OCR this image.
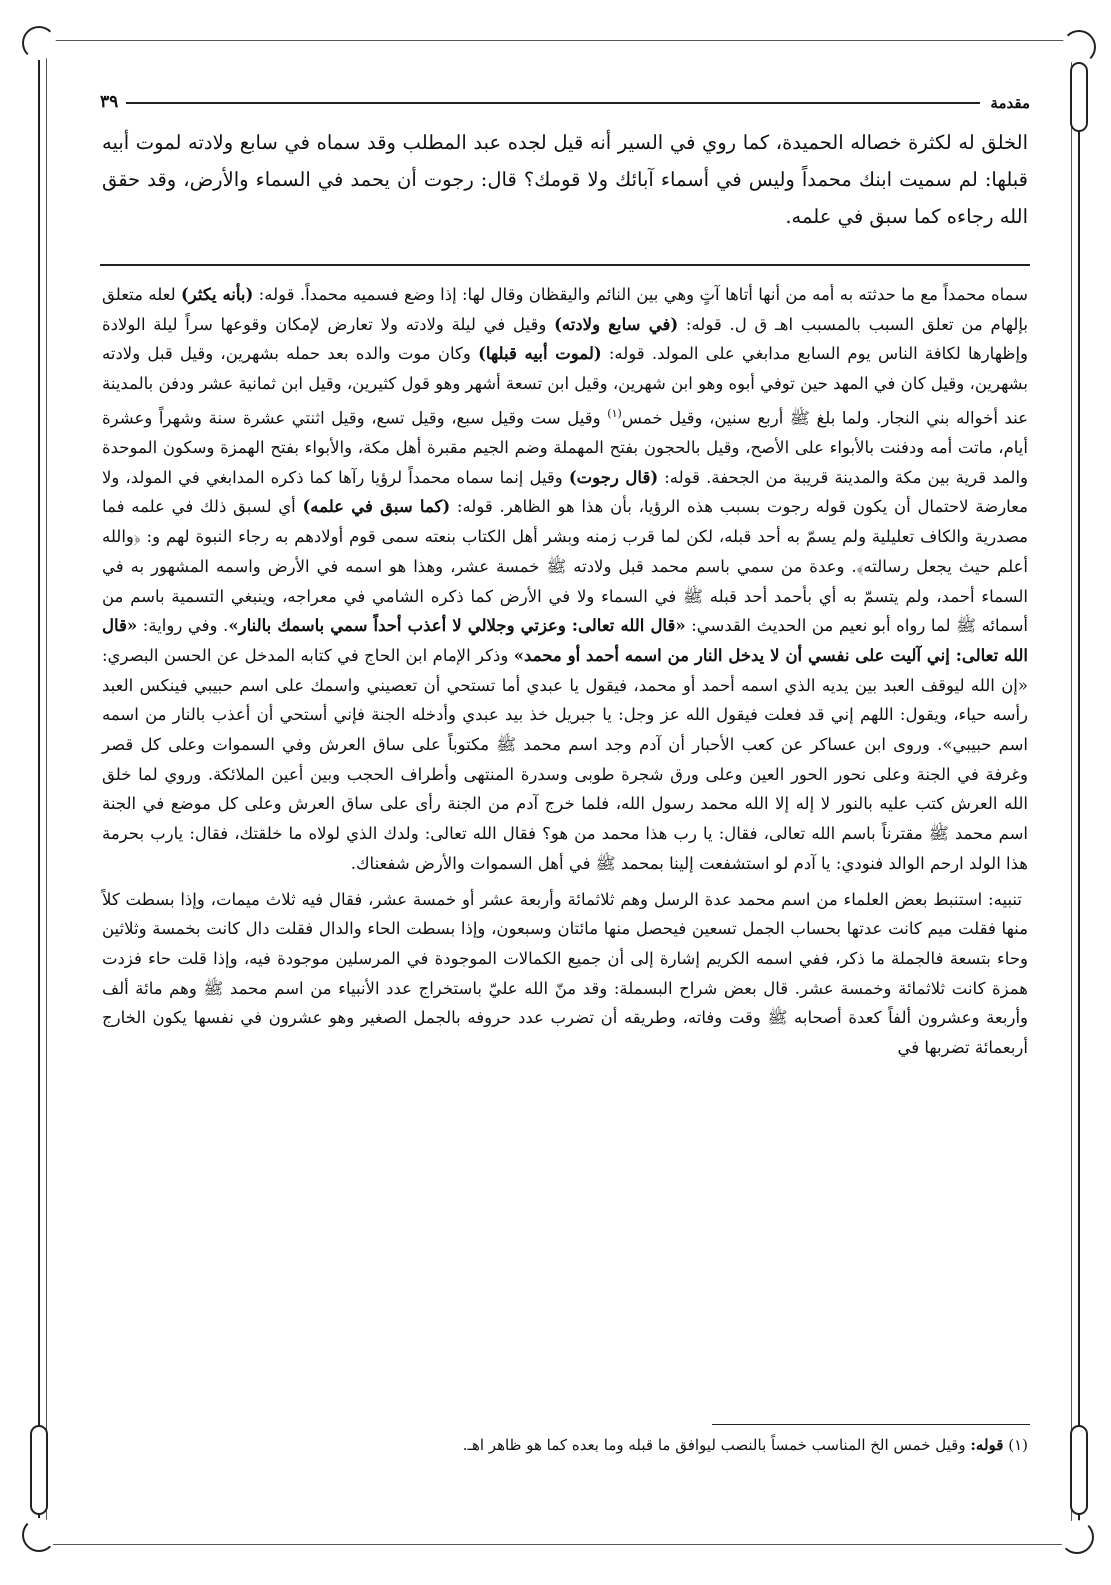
مقدمة
٣٩

الخلق له لكثرة خصاله الحميدة، كما روي في السير أنه قيل لجده عبد المطلب وقد سماه في سابع ولادته لموت أبيه قبلها: لم سميت ابنك محمداً وليس في أسماء آبائك ولا قومك؟ قال: رجوت أن يحمد في السماء والأرض، وقد حقق الله رجاءه كما سبق في علمه.

سماه محمداً مع ما حدثته به أمه من أنها أتاها آتٍ وهي بين النائم واليقظان وقال لها: إذا وضع فسميه محمداً. قوله: (بأنه يكثر) لعله متعلق بإلهام من تعلق السبب بالمسبب اهـ ق ل. قوله: (في سابع ولادته) وقيل في ليلة ولادته ولا تعارض لإمكان وقوعها سراً ليلة الولادة وإظهارها لكافة الناس يوم السابع مدابغي على المولد. قوله: (لموت أبيه قبلها) وكان موت والده بعد حمله بشهرين، وقيل قبل ولادته بشهرين، وقيل كان في المهد حين توفي أبوه وهو ابن شهرين، وقيل ابن تسعة أشهر وهو قول كثيرين، وقيل ابن ثمانية عشر ودفن بالمدينة عند أخواله بني النجار. ولما بلغ ﷺ أربع سنين، وقيل خمس$^{(١)}$ وقيل ست وقيل سبع، وقيل تسع، وقيل اثنتي عشرة سنة وشهراً وعشرة أيام، ماتت أمه ودفنت بالأبواء على الأصح، وقيل بالحجون بفتح المهملة وضم الجيم مقبرة أهل مكة، والأبواء بفتح الهمزة وسكون الموحدة والمد قرية بين مكة والمدينة قريبة من الجحفة. قوله: (قال رجوت) وقيل إنما سماه محمداً لرؤيا رآها كما ذكره المدابغي في المولد، ولا معارضة لاحتمال أن يكون قوله رجوت بسبب هذه الرؤيا، بأن هذا هو الظاهر. قوله: (كما سبق في علمه) أي لسبق ذلك في علمه فما مصدرية والكاف تعليلية ولم يسمّ به أحد قبله، لكن لما قرب زمنه وبشر أهل الكتاب بنعته سمى قوم أولادهم به رجاء النبوة لهم و: ﴿والله أعلم حيث يجعل رسالته﴾. وعدة من سمي باسم محمد قبل ولادته ﷺ خمسة عشر، وهذا هو اسمه في الأرض واسمه المشهور به في السماء أحمد، ولم يتسمّ به أي بأحمد أحد قبله ﷺ في السماء ولا في الأرض كما ذكره الشامي في معراجه، وينبغي التسمية باسم من أسمائه ﷺ لما رواه أبو نعيم من الحديث القدسي: «قال الله تعالى: وعزتي وجلالي لا أعذب أحداً سمي باسمك بالنار». وفي رواية: «قال الله تعالى: إني آليت على نفسي أن لا يدخل النار من اسمه أحمد أو محمد» وذكر الإمام ابن الحاج في كتابه المدخل عن الحسن البصري: «إن الله ليوقف العبد بين يديه الذي اسمه أحمد أو محمد، فيقول يا عبدي أما تستحي أن تعصيني واسمك على اسم حبيبي فينكس العبد رأسه حياء، ويقول: اللهم إني قد فعلت فيقول الله عز وجل: يا جبريل خذ بيد عبدي وأدخله الجنة فإني أستحي أن أعذب بالنار من اسمه اسم حبيبي». وروى ابن عساكر عن كعب الأحبار أن آدم وجد اسم محمد ﷺ مكتوباً على ساق العرش وفي السموات وعلى كل قصر وغرفة في الجنة وعلى نحور الحور العين وعلى ورق شجرة طوبى وسدرة المنتهى وأطراف الحجب وبين أعين الملائكة. وروي لما خلق الله العرش كتب عليه بالنور لا إله إلا الله محمد رسول الله، فلما خرج آدم من الجنة رأى على ساق العرش وعلى كل موضع في الجنة اسم محمد ﷺ مقترناً باسم الله تعالى، فقال: يا رب هذا محمد من هو؟ فقال الله تعالى: ولدك الذي لولاه ما خلقتك، فقال: يارب بحرمة هذا الولد ارحم الوالد فنودي: يا آدم لو استشفعت إلينا بمحمد ﷺ في أهل السموات والأرض شفعناك.

تنبيه: استنبط بعض العلماء من اسم محمد عدة الرسل وهم ثلاثمائة وأربعة عشر أو خمسة عشر، فقال فيه ثلاث ميمات، وإذا بسطت كلاً منها فقلت ميم كانت عدتها بحساب الجمل تسعين فيحصل منها مائتان وسبعون، وإذا بسطت الحاء والدال فقلت دال كانت بخمسة وثلاثين وحاء بتسعة فالجملة ما ذكر، ففي اسمه الكريم إشارة إلى أن جميع الكمالات الموجودة في المرسلين موجودة فيه، وإذا قلت حاء فزدت همزة كانت ثلاثمائة وخمسة عشر. قال بعض شراح البسملة: وقد منّ الله عليّ باستخراج عدد الأنبياء من اسم محمد ﷺ وهم مائة ألف وأربعة وعشرون ألفاً كعدة أصحابه ﷺ وقت وفاته، وطريقه أن تضرب عدد حروفه بالجمل الصغير وهو عشرون في نفسها يكون الخارج أربعمائة تضربها في

(١) قوله: وقيل خمس الخ المناسب خمساً بالنصب ليوافق ما قبله وما بعده كما هو ظاهر اهـ.
